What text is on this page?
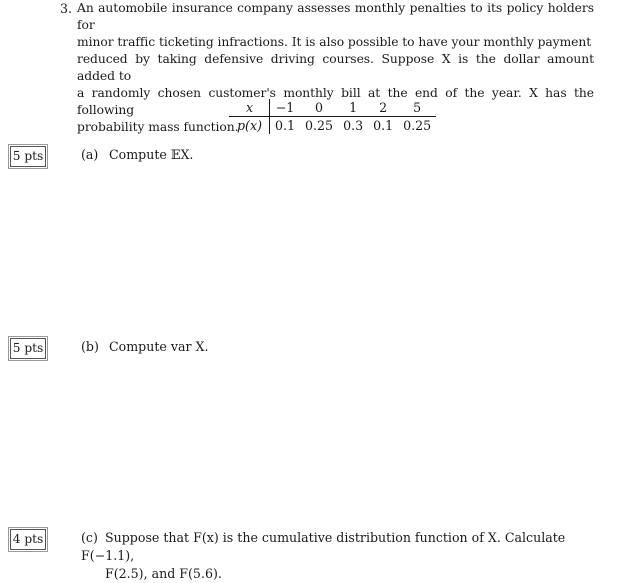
3. An automobile insurance company assesses monthly penalties to its policy holders for
minor traffic ticketing infractions. It is also possible to have your monthly payment
reduced by taking defensive driving courses. Suppose X is the dollar amount added to
a randomly chosen customer's monthly bill at the end of the year. X has the following
probability mass function.
x	−1	0	1	2	5
p(x)	0.1	0.25	0.3	0.1	0.25
5 pts	(a) Compute 𝔼X.
5 pts	(b) Compute var X.
4 pts	(c) Suppose that F(x) is the cumulative distribution function of X. Calculate F(−1.1),
F(2.5), and F(5.6).
